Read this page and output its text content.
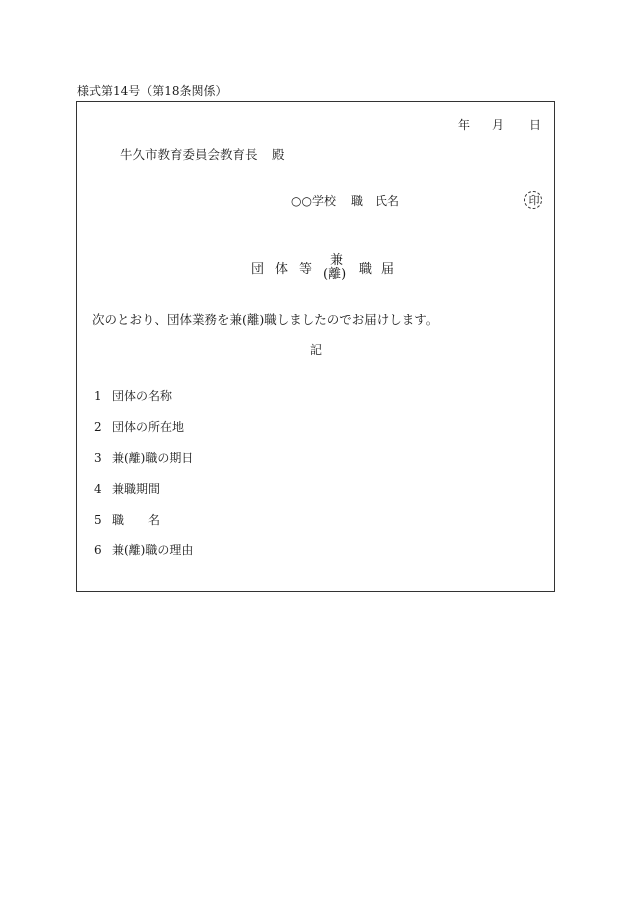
様式第14号（第18条関係）
年 月 日
牛久市教育委員会教育長 殿
○○学校 職 氏名	印
団 体 等
兼
(離) 職 届
次のとおり、団体業務を兼(離)職しましたのでお届けします。
記
1 団体の名称
2 団体の所在地
3 兼(離)職の期日
4 兼職期間
5 職　　名
6 兼(離)職の理由
